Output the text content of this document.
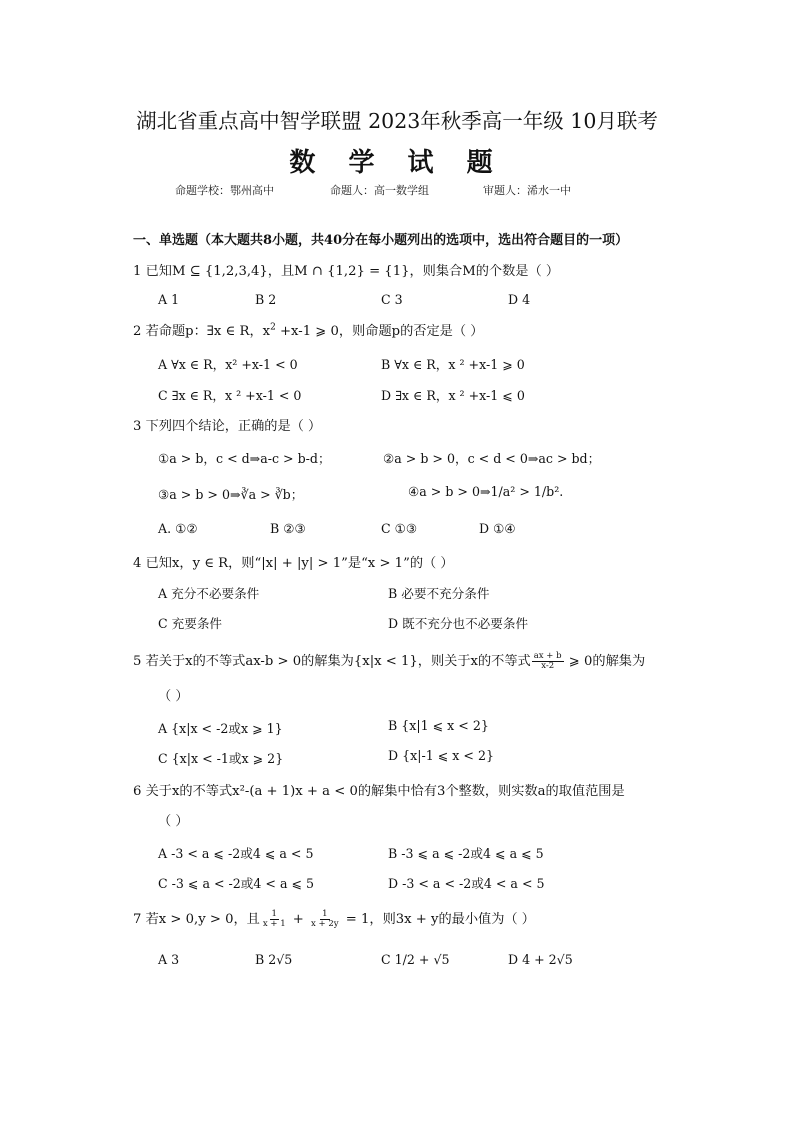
湖北省重点高中智学联盟 2023年秋季高一年级 10月联考
数 学 试 题
命题学校：鄂州高中	命题人：高一数学组	审题人：浠水一中
一、单选题（本大题共8小题，共40分在每小题列出的选项中，选出符合题目的一项）
1 已知M ⊆ {1,2,3,4}，且M ∩ {1,2} = {1}，则集合M的个数是（ ）
A 1	B 2	C 3	D 4
2 若命题p：∃x ∈ R，$x^2 +x-1$ ⩾ 0，则命题p的否定是（ ）
A ∀x ∈ R，x² +x-1 < 0	B ∀x ∈ R，x ² +x-1 ⩾ 0
C ∃x ∈ R，x ² +x-1 < 0	D ∃x ∈ R，x ² +x-1 ⩽ 0
3 下列四个结论，正确的是（ ）
①a > b，c < d⇒a-c > b-d；	②a > b > 0，c < d < 0⇒ac > bd；
③a > b > 0⇒∛a > ∛b；	④a > b > 0⇒1/a² > 1/b².
A. ①②	B ②③	C ①③	D ①④
4 已知x，y ∈ R，则“|x| + |y| > 1”是“x > 1”的（ ）
A 充分不必要条件	B 必要不充分条件
C 充要条件	D 既不充分也不必要条件
5 若关于x的不等式ax-b > 0的解集为{x|x < 1}，则关于x的不等式 $\frac{ax + b}{x-2}$ ⩾ 0的解集为
（ ）
A {x|x < -2或x ⩾ 1}	B {x|1 ⩽ x < 2}
C {x|x < -1或x ⩾ 2}	D {x|-1 ⩽ x < 2}
6 关于x的不等式x²-(a + 1)x + a < 0的解集中恰有3个整数，则实数a的取值范围是
（ ）
A -3 < a ⩽ -2或4 ⩽ a < 5	B -3 ⩽ a ⩽ -2或4 ⩽ a ⩽ 5
C -3 ⩽ a < -2或4 < a ⩽ 5	D -3 < a < -2或4 < a < 5
7 若x > 0,y > 0，且 $\frac{1}{x + 1} + \frac{1}{x + 2y} = 1$，则3x + y的最小值为（ ）
A 3	B 2√5	C 1/2 + √5	D 4 + 2√5
